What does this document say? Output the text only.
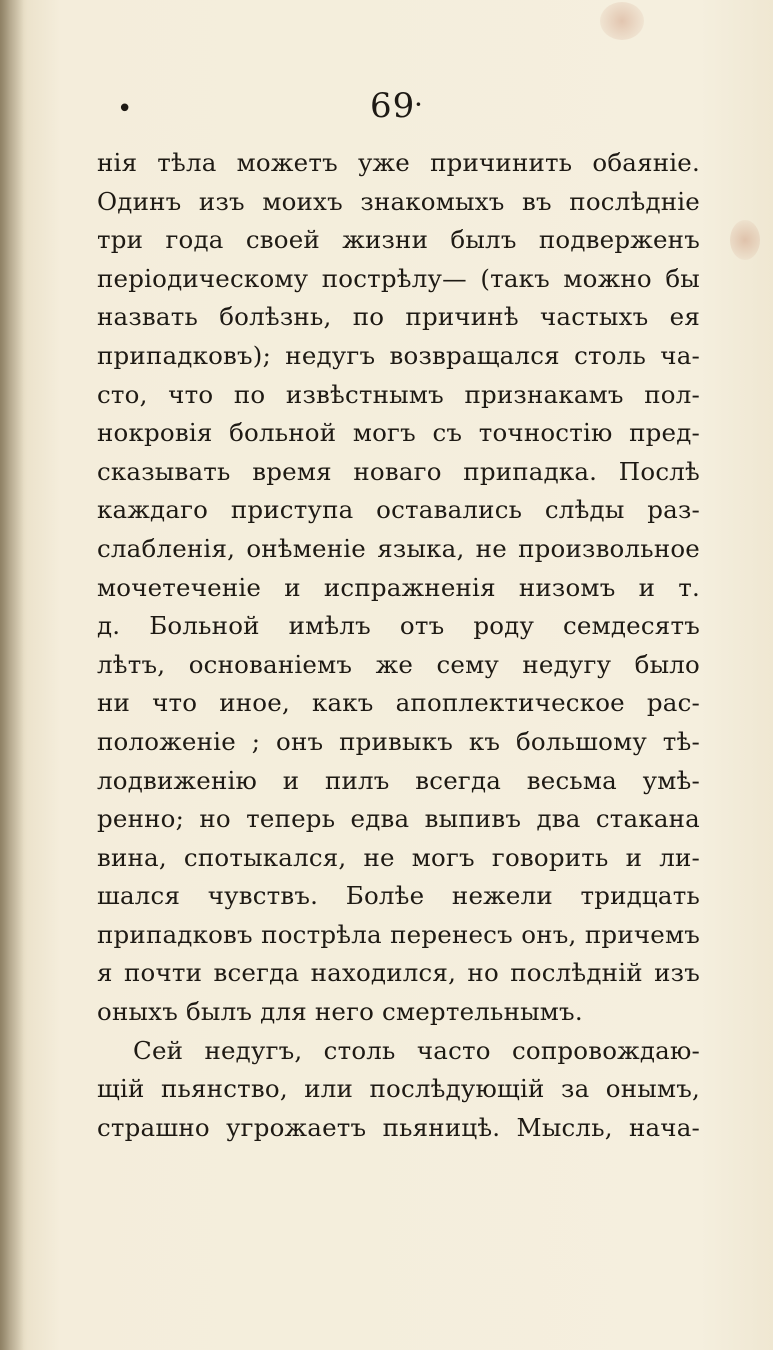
•	69
·
нія тѣла можетъ уже причинить обаяніе.
Одинъ изъ моихъ знакомыхъ въ послѣдніе
три года своей жизни былъ подверженъ
періодическому пострѣлу— (такъ можно бы
назвать болѣзнь, по причинѣ частыхъ ея
припадковъ); недугъ возвращался столь ча-
сто, что по извѣстнымъ признакамъ пол-
нокровія больной могъ съ точностію пред-
сказывать время новаго припадка. Послѣ
каждаго приступа оставались слѣды раз-
слабленія, онѣменіе языка, не произвольное
мочетеченіе и испражненія низомъ и т.
д. Больной имѣлъ отъ роду семдесятъ
лѣтъ, основаніемъ же сему недугу было
ни что иное, какъ апоплектическое рас-
положеніе ; онъ привыкъ къ большому тѣ-
лодвиженію и пилъ всегда весьма умѣ-
ренно; но теперь едва выпивъ два стакана
вина, спотыкался, не могъ говорить и ли-
шался чувствъ. Болѣе нежели тридцать
припадковъ пострѣла перенесъ онъ, причемъ
я почти всегда находился, но послѣдній изъ
оныхъ былъ для него смертельнымъ.
Сей недугъ, столь часто сопровождаю-
щій пьянство, или послѣдующій за онымъ,
страшно угрожаетъ пьяницѣ. Мысль, нача-
